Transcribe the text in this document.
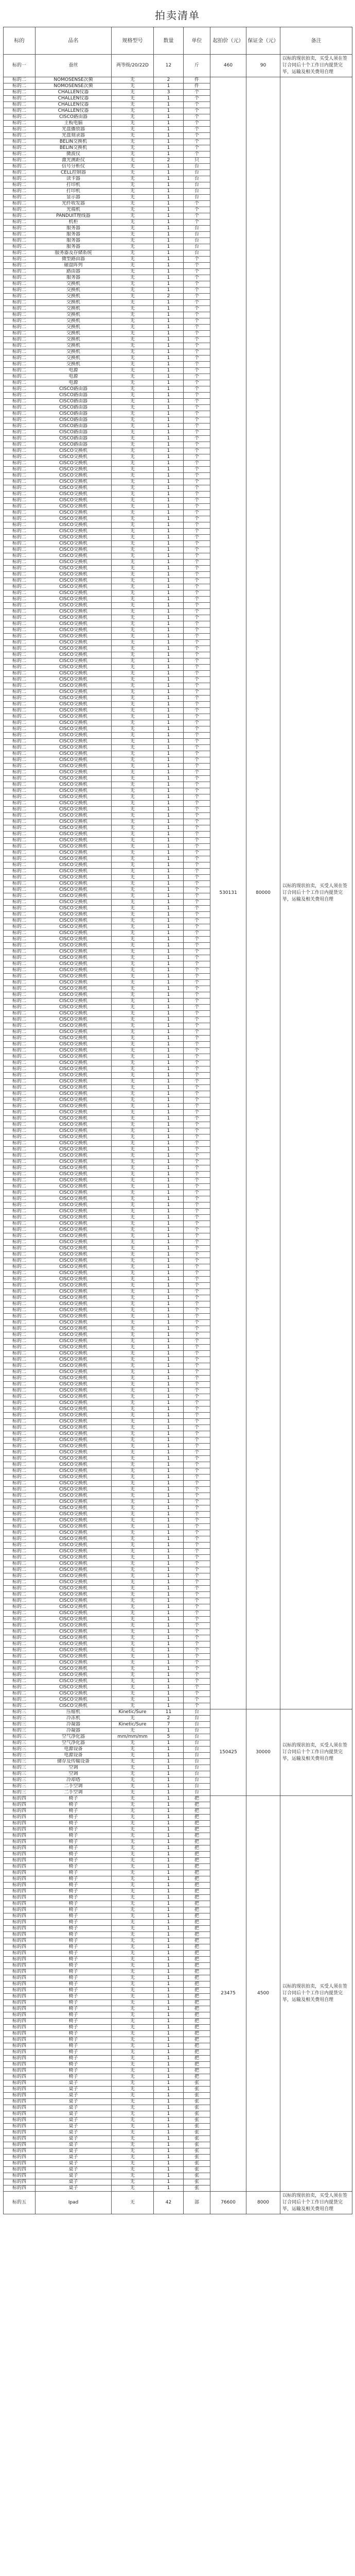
拍卖清单
标的	品名	规格型号	数量	单位	起拍价（元）	保证金（元）	备注
标的一	蚕丝	两等级/20/22D	12	斤	460	90	以标的现状拍卖，买受人须在签订合同后十个工作日内提货完毕，运输及相关费用自理
标的二	NOMOSENSE次频	无	2	件	530131	80000	以标的现状拍卖，买受人须在签订合同后十个工作日内提货完毕，运输及相关费用自理
标的二	NOMOSENSE次频	无	1	件			
标的二	CHALLEN仪器	无	3	个			
标的二	CHALLEN仪器	无	1	个			
标的二	CHALLEN仪器	无	1	个			
标的二	CHALLEN仪器	无	1	个			
标的二	CISCO路由器	无	1	个			
标的二	主板电脑	无	1	个			
标的二	光盘播放器	无	1	个			
标的二	光盘刻录器	无	1	个			
标的二	BELIN交换机	无	1	个			
标的二	BELIN交换机	无	1	个			
标的二	微波仪	无	1	个			
标的二	激光测距仪	无	2	只			
标的二	信号分析仪	无	1	台			
标的二	CELL控制器	无	1	台			
标的二	读卡器	无	1	台			
标的二	打印机	无	1	台			
标的二	打印机	无	1	台			
标的二	显示器	无	1	台			
标的二	光纤收发器	无	1	个			
标的二	光端机	无	1	个			
标的二	PANDUIT理线器	无	1	个			
标的二	机柜	无	1	个			
标的二	服务器	无	1	台			
标的二	服务器	无	1	台			
标的二	服务器	无	1	台			
标的二	服务器	无	1	台			
标的二	服务器及存储系统	无	1	台			
标的二	微型路由器	无	1	个			
标的二	磁盘阵列	无	1	个			
标的二	路由器	无	1	个			
标的二	服务器	无	1	个			
标的二	交换机	无	1	个			
标的二	交换机	无	1	个			
标的二	交换机	无	2	个			
标的二	交换机	无	1	个			
标的二	交换机	无	1	个			
标的二	交换机	无	1	个			
标的二	交换机	无	1	个			
标的二	交换机	无	1	个			
标的二	交换机	无	1	个			
标的二	交换机	无	1	个			
标的二	交换机	无	1	个			
标的二	交换机	无	1	个			
标的二	交换机	无	1	个			
标的二	交换机	无	1	个			
标的二	电源	无	1	个			
标的二	电源	无	1	个			
标的二	电源	无	1	个			
标的二	CISCO路由器	无	1	个			
标的二	CISCO路由器	无	1	个			
标的二	CISCO路由器	无	1	个			
标的二	CISCO路由器	无	1	个			
标的二	CISCO路由器	无	1	个			
标的二	CISCO路由器	无	1	个			
标的二	CISCO路由器	无	1	个			
标的二	CISCO路由器	无	1	个			
标的二	CISCO路由器	无	1	个			
标的二	CISCO路由器	无	1	个			
标的二	CISCO交换机	无	1	个			
标的二	CISCO交换机	无	1	个			
标的二	CISCO交换机	无	1	个			
标的二	CISCO交换机	无	1	个			
标的二	CISCO交换机	无	1	个			
标的二	CISCO交换机	无	1	个			
标的二	CISCO交换机	无	1	个			
标的二	CISCO交换机	无	1	个			
标的二	CISCO交换机	无	1	个			
标的二	CISCO交换机	无	1	个			
标的二	CISCO交换机	无	1	个			
标的二	CISCO交换机	无	1	个			
标的二	CISCO交换机	无	1	个			
标的二	CISCO交换机	无	1	个			
标的二	CISCO交换机	无	1	个			
标的二	CISCO交换机	无	1	个			
标的二	CISCO交换机	无	1	个			
标的二	CISCO交换机	无	1	个			
标的二	CISCO交换机	无	1	个			
标的二	CISCO交换机	无	1	个			
标的二	CISCO交换机	无	1	个			
标的二	CISCO交换机	无	1	个			
标的二	CISCO交换机	无	1	个			
标的二	CISCO交换机	无	1	个			
标的二	CISCO交换机	无	1	个			
标的二	CISCO交换机	无	1	个			
标的二	CISCO交换机	无	1	个			
标的二	CISCO交换机	无	1	个			
标的二	CISCO交换机	无	1	个			
标的二	CISCO交换机	无	1	个			
标的二	CISCO交换机	无	1	个			
标的二	CISCO交换机	无	1	个			
标的二	CISCO交换机	无	1	个			
标的二	CISCO交换机	无	1	个			
标的二	CISCO交换机	无	1	个			
标的二	CISCO交换机	无	1	个			
标的二	CISCO交换机	无	1	个			
标的二	CISCO交换机	无	1	个			
标的二	CISCO交换机	无	1	个			
标的二	CISCO交换机	无	1	个			
标的二	CISCO交换机	无	1	个			
标的二	CISCO交换机	无	1	个			
标的二	CISCO交换机	无	1	个			
标的二	CISCO交换机	无	1	个			
标的二	CISCO交换机	无	1	个			
标的二	CISCO交换机	无	1	个			
标的二	CISCO交换机	无	1	个			
标的二	CISCO交换机	无	1	个			
标的二	CISCO交换机	无	1	个			
标的二	CISCO交换机	无	1	个			
标的二	CISCO交换机	无	1	个			
标的二	CISCO交换机	无	1	个			
标的二	CISCO交换机	无	1	个			
标的二	CISCO交换机	无	1	个			
标的二	CISCO交换机	无	1	个			
标的二	CISCO交换机	无	1	个			
标的二	CISCO交换机	无	1	个			
标的二	CISCO交换机	无	1	个			
标的二	CISCO交换机	无	1	个			
标的二	CISCO交换机	无	1	个			
标的二	CISCO交换机	无	1	个			
标的二	CISCO交换机	无	1	个			
标的二	CISCO交换机	无	1	个			
标的二	CISCO交换机	无	1	个			
标的二	CISCO交换机	无	1	个			
标的二	CISCO交换机	无	1	个			
标的二	CISCO交换机	无	1	个			
标的二	CISCO交换机	无	1	个			
标的二	CISCO交换机	无	1	个			
标的二	CISCO交换机	无	1	个			
标的二	CISCO交换机	无	1	个			
标的二	CISCO交换机	无	1	个			
标的二	CISCO交换机	无	1	个			
标的二	CISCO交换机	无	1	个			
标的二	CISCO交换机	无	1	个			
标的二	CISCO交换机	无	1	个			
标的二	CISCO交换机	无	1	个			
标的二	CISCO交换机	无	1	个			
标的二	CISCO交换机	无	1	个			
标的二	CISCO交换机	无	1	个			
标的二	CISCO交换机	无	1	个			
标的二	CISCO交换机	无	1	个			
标的二	CISCO交换机	无	1	个			
标的二	CISCO交换机	无	1	个			
标的二	CISCO交换机	无	1	个			
标的二	CISCO交换机	无	1	个			
标的二	CISCO交换机	无	1	个			
标的二	CISCO交换机	无	1	个			
标的二	CISCO交换机	无	1	个			
标的二	CISCO交换机	无	1	个			
标的二	CISCO交换机	无	1	个			
标的二	CISCO交换机	无	1	个			
标的二	CISCO交换机	无	1	个			
标的二	CISCO交换机	无	1	个			
标的二	CISCO交换机	无	1	个			
标的二	CISCO交换机	无	1	个			
标的二	CISCO交换机	无	1	个			
标的二	CISCO交换机	无	1	个			
标的二	CISCO交换机	无	1	个			
标的二	CISCO交换机	无	1	个			
标的二	CISCO交换机	无	1	个			
标的二	CISCO交换机	无	1	个			
标的二	CISCO交换机	无	1	个			
标的二	CISCO交换机	无	1	个			
标的二	CISCO交换机	无	1	个			
标的二	CISCO交换机	无	1	个			
标的二	CISCO交换机	无	1	个			
标的二	CISCO交换机	无	1	个			
标的二	CISCO交换机	无	1	个			
标的二	CISCO交换机	无	1	个			
标的二	CISCO交换机	无	1	个			
标的二	CISCO交换机	无	1	个			
标的二	CISCO交换机	无	1	个			
标的二	CISCO交换机	无	1	个			
标的二	CISCO交换机	无	1	个			
标的二	CISCO交换机	无	1	个			
标的二	CISCO交换机	无	1	个			
标的二	CISCO交换机	无	1	个			
标的二	CISCO交换机	无	1	个			
标的二	CISCO交换机	无	1	个			
标的二	CISCO交换机	无	1	个			
标的二	CISCO交换机	无	1	个			
标的二	CISCO交换机	无	1	个			
标的二	CISCO交换机	无	1	个			
标的二	CISCO交换机	无	1	个			
标的二	CISCO交换机	无	1	个			
标的二	CISCO交换机	无	1	个			
标的二	CISCO交换机	无	1	个			
标的二	CISCO交换机	无	1	个			
标的二	CISCO交换机	无	1	个			
标的二	CISCO交换机	无	1	个			
标的二	CISCO交换机	无	1	个			
标的二	CISCO交换机	无	1	个			
标的二	CISCO交换机	无	1	个			
标的二	CISCO交换机	无	1	个			
标的二	CISCO交换机	无	1	个			
标的二	CISCO交换机	无	1	个			
标的二	CISCO交换机	无	1	个			
标的二	CISCO交换机	无	1	个			
标的二	CISCO交换机	无	1	个			
标的二	CISCO交换机	无	1	个			
标的二	CISCO交换机	无	1	个			
标的二	CISCO交换机	无	1	个			
标的二	CISCO交换机	无	1	个			
标的二	CISCO交换机	无	1	个			
标的二	CISCO交换机	无	1	个			
标的二	CISCO交换机	无	1	个			
标的二	CISCO交换机	无	1	个			
标的二	CISCO交换机	无	1	个			
标的二	CISCO交换机	无	1	个			
标的二	CISCO交换机	无	1	个			
标的二	CISCO交换机	无	1	个			
标的二	CISCO交换机	无	1	个			
标的二	CISCO交换机	无	1	个			
标的二	CISCO交换机	无	1	个			
标的二	CISCO交换机	无	1	个			
标的二	CISCO交换机	无	1	个			
标的二	CISCO交换机	无	1	个			
标的二	CISCO交换机	无	1	个			
标的二	CISCO交换机	无	1	个			
标的二	CISCO交换机	无	1	个			
标的二	CISCO交换机	无	1	个			
标的二	CISCO交换机	无	1	个			
标的二	CISCO交换机	无	1	个			
标的二	CISCO交换机	无	1	个			
标的二	CISCO交换机	无	1	个			
标的二	CISCO交换机	无	1	个			
标的二	CISCO交换机	无	1	个			
标的二	CISCO交换机	无	1	个			
标的二	CISCO交换机	无	1	个			
标的二	CISCO交换机	无	1	个			
标的二	CISCO交换机	无	1	个			
标的二	CISCO交换机	无	1	个			
标的二	CISCO交换机	无	1	个			
标的二	CISCO交换机	无	1	个			
标的二	CISCO交换机	无	1	个			
标的二	CISCO交换机	无	1	个			
标的二	CISCO交换机	无	1	个			
标的二	CISCO交换机	无	1	个			
标的二	CISCO交换机	无	1	个			
标的二	CISCO交换机	无	1	个			
标的二	CISCO交换机	无	1	个			
标的二	CISCO交换机	无	1	个			
标的二	CISCO交换机	无	1	个			
标的二	CISCO交换机	无	1	个			
标的二	CISCO交换机	无	1	个			
标的二	CISCO交换机	无	1	个			
标的二	CISCO交换机	无	1	个			
标的二	CISCO交换机	无	1	个			
标的二	CISCO交换机	无	1	个			
标的二	CISCO交换机	无	1	个			
标的二	CISCO交换机	无	1	个			
标的二	CISCO交换机	无	1	个			
标的二	CISCO交换机	无	1	个			
标的二	CISCO交换机	无	1	个			
标的二	CISCO交换机	无	1	个			
标的二	CISCO交换机	无	1	个			
标的二	CISCO交换机	无	1	个			
标的二	CISCO交换机	无	1	个			
标的二	CISCO交换机	无	1	个			
标的二	CISCO交换机	无	1	个			
标的二	CISCO交换机	无	1	个			
标的二	CISCO交换机	无	1	个			
标的二	CISCO交换机	无	1	个			
标的三	压缩机	Kinetic/Sure	11	台	150425	30000	以标的现状拍卖，买受人须在签订合同后十个工作日内提货完毕，运输及相关费用自理
标的三	冷冻机	无	2	台			
标的三	冷凝器	Kinetic/Sure	7	台			
标的三	冷凝器	无	1	台			
标的三	空气净化器	mm/mm/mm	5	台			
标的三	空气净化器	无	1	台			
标的三	电源设备	无	1	台			
标的三	电源设备	无	1	台			
标的三	储存及传输设备	无	1	台			
标的三	空调	无	1	台			
标的三	空调	无	1	台			
标的三	冷却塔	无	1	台			
标的三	二手空调	无	1	台			
标的三	二手空调	无	1	台			
标的四	椅子	无	1	把	23475	4500	以标的现状拍卖，买受人须在签订合同后十个工作日内提货完毕，运输及相关费用自理
标的四	椅子	无	1	把			
标的四	椅子	无	1	把			
标的四	椅子	无	1	把			
标的四	椅子	无	1	把			
标的四	椅子	无	1	把			
标的四	椅子	无	1	把			
标的四	椅子	无	1	把			
标的四	椅子	无	1	把			
标的四	椅子	无	1	把			
标的四	椅子	无	1	把			
标的四	椅子	无	1	把			
标的四	椅子	无	1	把			
标的四	椅子	无	1	把			
标的四	椅子	无	1	把			
标的四	椅子	无	1	把			
标的四	椅子	无	1	把			
标的四	椅子	无	1	把			
标的四	椅子	无	1	把			
标的四	椅子	无	1	把			
标的四	椅子	无	1	把			
标的四	椅子	无	1	把			
标的四	椅子	无	1	把			
标的四	椅子	无	1	把			
标的四	椅子	无	1	把			
标的四	椅子	无	1	把			
标的四	椅子	无	1	把			
标的四	椅子	无	1	把			
标的四	椅子	无	1	把			
标的四	椅子	无	1	把			
标的四	椅子	无	1	把			
标的四	椅子	无	1	把			
标的四	椅子	无	1	把			
标的四	椅子	无	1	把			
标的四	椅子	无	1	把			
标的四	椅子	无	1	把			
标的四	椅子	无	1	把			
标的四	椅子	无	1	把			
标的四	椅子	无	1	把			
标的四	椅子	无	1	把			
标的四	椅子	无	1	把			
标的四	椅子	无	1	把			
标的四	椅子	无	1	把			
标的四	椅子	无	1	把			
标的四	椅子	无	1	把			
标的四	椅子	无	1	把			
标的四	桌子	无	1	张			
标的四	桌子	无	1	张			
标的四	桌子	无	1	张			
标的四	桌子	无	1	张			
标的四	桌子	无	1	张			
标的四	桌子	无	1	张			
标的四	桌子	无	1	张			
标的四	桌子	无	1	张			
标的四	桌子	无	1	张			
标的四	桌子	无	1	张			
标的四	桌子	无	1	张			
标的四	桌子	无	1	张			
标的四	桌子	无	1	张			
标的四	桌子	无	1	张			
标的四	桌子	无	1	张			
标的四	桌子	无	1	张			
标的四	桌子	无	1	张			
标的四	桌子	无	1	张			
标的五	Ipad	无	42	部	76600	8000	以标的现状拍卖，买受人须在签订合同后十个工作日内提货完毕，运输及相关费用自理
